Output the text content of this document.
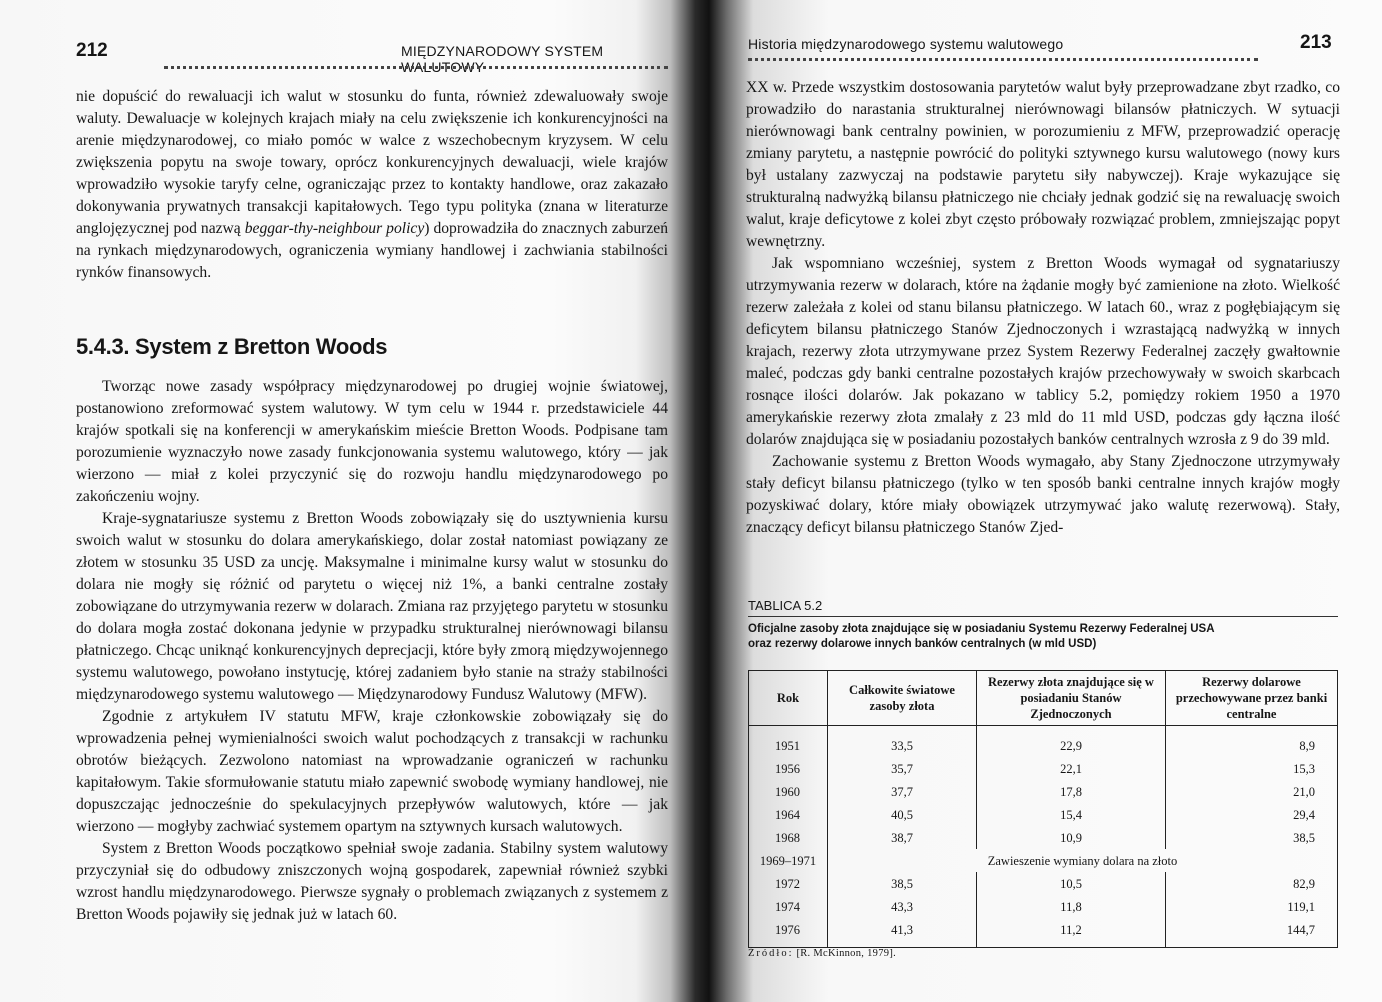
212	MIĘDZYNARODOWY SYSTEM WALUTOWY

nie dopuścić do rewaluacji ich walut w stosunku do funta, również zdewaluowały swoje waluty. Dewaluacje w kolejnych krajach miały na celu zwiększenie ich konkurencyjności na arenie międzynarodowej, co miało pomóc w walce z wszechobecnym kryzysem. W celu zwiększenia popytu na swoje towary, oprócz konkurencyjnych dewaluacji, wiele krajów wprowadziło wysokie taryfy celne, ograniczając przez to kontakty handlowe, oraz zakazało dokonywania prywatnych transakcji kapitałowych. Tego typu polityka (znana w literaturze anglojęzycznej pod nazwą beggar-thy-neighbour policy) doprowadziła do znacznych zaburzeń na rynkach międzynarodowych, ograniczenia wymiany handlowej i zachwiania stabilności rynków finansowych.

5.4.3. System z Bretton Woods

Tworząc nowe zasady współpracy międzynarodowej po drugiej wojnie światowej, postanowiono zreformować system walutowy. W tym celu w 1944 r. przedstawiciele 44 krajów spotkali się na konferencji w amerykańskim mieście Bretton Woods. Podpisane tam porozumienie wyznaczyło nowe zasady funkcjonowania systemu walutowego, który — jak wierzono — miał z kolei przyczynić się do rozwoju handlu międzynarodowego po zakończeniu wojny.

Kraje-sygnatariusze systemu z Bretton Woods zobowiązały się do usztywnienia kursu swoich walut w stosunku do dolara amerykańskiego, dolar został natomiast powiązany ze złotem w stosunku 35 USD za uncję. Maksymalne i minimalne kursy walut w stosunku do dolara nie mogły się różnić od parytetu o więcej niż 1%, a banki centralne zostały zobowiązane do utrzymywania rezerw w dolarach. Zmiana raz przyjętego parytetu w stosunku do dolara mogła zostać dokonana jedynie w przypadku strukturalnej nierównowagi bilansu płatniczego. Chcąc uniknąć konkurencyjnych deprecjacji, które były zmorą międzywojennego systemu walutowego, powołano instytucję, której zadaniem było stanie na straży stabilności międzynarodowego systemu walutowego — Międzynarodowy Fundusz Walutowy (MFW).

Zgodnie z artykułem IV statutu MFW, kraje członkowskie zobowiązały się do wprowadzenia pełnej wymienialności swoich walut pochodzących z transakcji w rachunku obrotów bieżących. Zezwolono natomiast na wprowadzanie ograniczeń w rachunku kapitałowym. Takie sformułowanie statutu miało zapewnić swobodę wymiany handlowej, nie dopuszczając jednocześnie do spekulacyjnych przepływów walutowych, które — jak wierzono — mogłyby zachwiać systemem opartym na sztywnych kursach walutowych.

System z Bretton Woods początkowo spełniał swoje zadania. Stabilny system walutowy przyczyniał się do odbudowy zniszczonych wojną gospodarek, zapewniał również szybki wzrost handlu międzynarodowego. Pierwsze sygnały o problemach związanych z systemem z Bretton Woods pojawiły się jednak już w latach 60.

Historia międzynarodowego systemu walutowego	213

XX w. Przede wszystkim dostosowania parytetów walut były przeprowadzane zbyt rzadko, co prowadziło do narastania strukturalnej nierównowagi bilansów płatniczych. W sytuacji nierównowagi bank centralny powinien, w porozumieniu z MFW, przeprowadzić operację zmiany parytetu, a następnie powrócić do polityki sztywnego kursu walutowego (nowy kurs był ustalany zazwyczaj na podstawie parytetu siły nabywczej). Kraje wykazujące się strukturalną nadwyżką bilansu płatniczego nie chciały jednak godzić się na rewaluację swoich walut, kraje deficytowe z kolei zbyt często próbowały rozwiązać problem, zmniejszając popyt wewnętrzny.

Jak wspomniano wcześniej, system z Bretton Woods wymagał od sygnatariuszy utrzymywania rezerw w dolarach, które na żądanie mogły być zamienione na złoto. Wielkość rezerw zależała z kolei od stanu bilansu płatniczego. W latach 60., wraz z pogłębiającym się deficytem bilansu płatniczego Stanów Zjednoczonych i wzrastającą nadwyżką w innych krajach, rezerwy złota utrzymywane przez System Rezerwy Federalnej zaczęły gwałtownie maleć, podczas gdy banki centralne pozostałych krajów przechowywały w swoich skarbcach rosnące ilości dolarów. Jak pokazano w tablicy 5.2, pomiędzy rokiem 1950 a 1970 amerykańskie rezerwy złota zmalały z 23 mld do 11 mld USD, podczas gdy łączna ilość dolarów znajdująca się w posiadaniu pozostałych banków centralnych wzrosła z 9 do 39 mld.

Zachowanie systemu z Bretton Woods wymagało, aby Stany Zjednoczone utrzymywały stały deficyt bilansu płatniczego (tylko w ten sposób banki centralne innych krajów mogły pozyskiwać dolary, które miały obowiązek utrzymywać jako walutę rezerwową). Stały, znaczący deficyt bilansu płatniczego Stanów Zjed-

TABLICA 5.2
Oficjalne zasoby złota znajdujące się w posiadaniu Systemu Rezerwy Federalnej USA
oraz rezerwy dolarowe innych banków centralnych (w mld USD)
Rok	Całkowite światowe zasoby złota	Rezerwy złota znajdujące się w posiadaniu Stanów Zjednoczonych	Rezerwy dolarowe przechowywane przez banki centralne
1951	33,5	22,9	8,9
1956	35,7	22,1	15,3
1960	37,7	17,8	21,0
1964	40,5	15,4	29,4
1968	38,7	10,9	38,5
1969–1971	Zawieszenie wymiany dolara na złoto		
1972	38,5	10,5	82,9
1974	43,3	11,8	119,1
1976	41,3	11,2	144,7
Źródło: [R. McKinnon, 1979].
